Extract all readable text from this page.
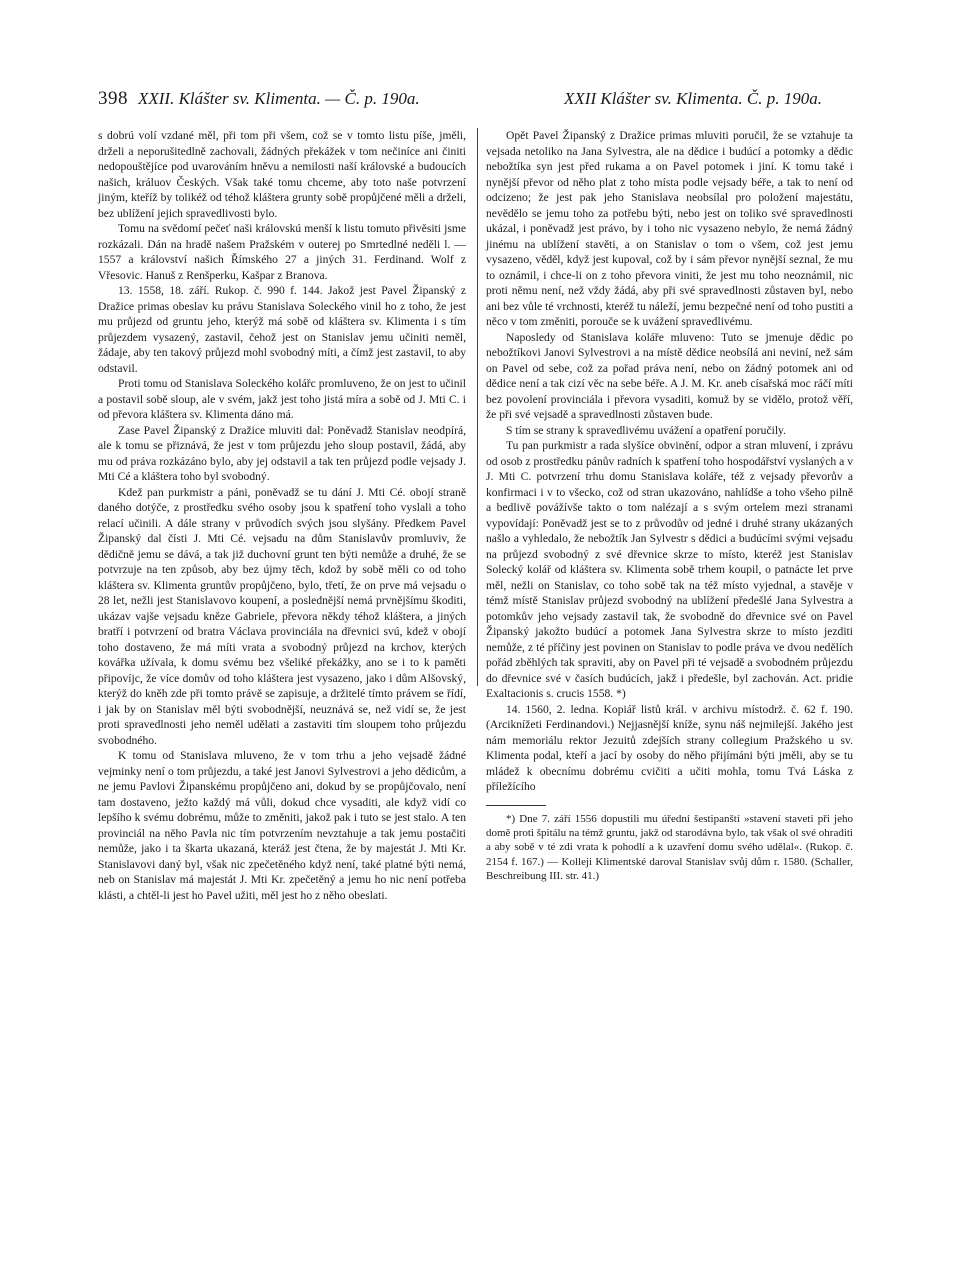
398 XXII. Klášter sv. Klimenta. — Č. p. 190a.	XXII Klášter sv. Klimenta. Č. p. 190a.

s dobrú volí vzdané měl, při tom při všem, což se v tomto listu píše, jměli, drželi a neporušitedlně zachovali, žádných překážek v tom nečiníce ani činiti nedopouštějíce pod uvarováním hněvu a nemilosti naší královské a budoucích našich, králuov Českých. Však také tomu chceme, aby toto naše potvrzení jiným, kteříž by tolikéž od téhož kláštera grunty sobě propůjčené měli a drželi, bez ublížení jejich spravedlivosti bylo.

Tomu na svědomí pečeť naši královskú menší k listu tomuto přivěsiti jsme rozkázali. Dán na hradě našem Pražském v outerej po Smrtedlné neděli l. — 1557 a království našich Římského 27 a jiných 31. Ferdinand. Wolf z Vřesovic. Hanuš z Renšperku, Kašpar z Branova.

13. 1558, 18. září. Rukop. č. 990 f. 144. Jakož jest Pavel Žipanský z Dražice primas obeslav ku právu Stanislava Soleckého vinil ho z toho, že jest mu průjezd od gruntu jeho, kterýž má sobě od kláštera sv. Klimenta i s tím průjezdem vysazený, zastavil, čehož jest on Stanislav jemu učiniti neměl, žádaje, aby ten takový průjezd mohl svobodný míti, a čímž jest zastavil, to aby odstavil.

Proti tomu od Stanislava Soleckého kolářc promluveno, že on jest to učinil a postavil sobě sloup, ale v svém, jakž jest toho jistá míra a sobě od J. Mti C. i od převora kláštera sv. Klimenta dáno má.

Zase Pavel Žipanský z Dražice mluviti dal: Poněvadž Stanislav neodpírá, ale k tomu se přiznává, že jest v tom průjezdu jeho sloup postavil, žádá, aby mu od práva rozkázáno bylo, aby jej odstavil a tak ten průjezd podle vejsady J. Mti Cé a kláštera toho byl svobodný.

Kdež pan purkmistr a páni, poněvadž se tu dání J. Mti Cé. obojí straně daného dotýče, z prostředku svého osoby jsou k spatření toho vyslali a toho relací učinili. A dále strany v průvodích svých jsou slyšány. Předkem Pavel Žipanský dal čísti J. Mti Cé. vejsadu na dům Stanislavův promluviv, že dědičně jemu se dává, a tak již duchovní grunt ten býti nemůže a druhé, že se potvrzuje na ten způsob, aby bez újmy těch, kdož by sobě měli co od toho kláštera sv. Klimenta gruntův propůjčeno, bylo, třetí, že on prve má vejsadu o 28 let, nežli jest Stanislavovo koupení, a poslednější nemá prvnějšímu škoditi, ukázav vajše vejsadu kněze Gabriele, převora někdy téhož kláštera, a jiných bratří i potvrzení od bratra Václava provinciála na dřevnici svú, kdež v obojí toho dostaveno, že má míti vrata a svobodný průjezd na krchov, kterých kovářka užívala, k domu svému bez všeliké překážky, ano se i to k paměti připovíjc, že více domův od toho kláštera jest vysazeno, jako i dům Alšovský, kterýž do kněh zde při tomto právě se zapisuje, a držitelé tímto právem se řídí, i jak by on Stanislav měl býti svobodnější, neuznává se, než vidí se, že jest proti spravedlnosti jeho neměl udělati a zastaviti tím sloupem toho průjezdu svobodného.

K tomu od Stanislava mluveno, že v tom trhu a jeho vejsadě žádné vejminky není o tom průjezdu, a také jest Janovi Sylvestrovi a jeho dědicům, a ne jemu Pavlovi Žipanskému propůjčeno ani, dokud by se propůjčovalo, není tam dostaveno, ježto každý má vůli, dokud chce vysaditi, ale když vidí co lepšího k svému dobrému, může to změniti, jakož pak i tuto se jest stalo. A ten provinciál na něho Pavla nic tím potvrzením nevztahuje a tak jemu postačiti nemůže, jako i ta škarta ukazaná, kteráž jest čtena, že by majestát J. Mti Kr. Stanislavovi daný byl, však nic zpečetěného když není, také platné býti nemá, neb on Stanislav má majestát J. Mti Kr. zpečetěný a jemu ho nic není potřeba klásti, a chtěl-li jest ho Pavel užiti, měl jest ho z něho obeslati.

Opět Pavel Žipanský z Dražice primas mluviti poručil, že se vztahuje ta vejsada netoliko na Jana Sylvestra, ale na dědice i budúcí a potomky a dědic nebožtíka syn jest před rukama a on Pavel potomek i jiní. K tomu také i nynější převor od něho plat z toho místa podle vejsady béře, a tak to není od odcizeno; že jest pak jeho Stanislava neobsílal pro položení majestátu, nevědělo se jemu toho za potřebu býti, nebo jest on toliko své spravedlnosti ukázal, i poněvadž jest právo, by i toho nic vysazeno nebylo, že nemá žádný jinému na ublížení stavěti, a on Stanislav o tom o všem, což jest jemu vysazeno, věděl, když jest kupoval, což by i sám převor nynější seznal, že mu to oznámil, i chce-li on z toho převora viniti, že jest mu toho neoznámil, nic proti němu není, než vždy žádá, aby při své spravedlnosti zůstaven byl, nebo ani bez vůle té vrchnosti, kteréž tu náleží, jemu bezpečné není od toho pustiti a něco v tom změniti, porouče se k uvážení spravedlivému.

Naposledy od Stanislava koláře mluveno: Tuto se jmenuje dědic po nebožtíkovi Janovi Sylvestrovi a na místě dědice neobsílá ani neviní, než sám on Pavel od sebe, což za pořad práva není, nebo on žádný potomek ani od dědice není a tak cizí věc na sebe béře. A J. M. Kr. aneb císařská moc ráčí míti bez povolení provinciála i převora vysaditi, komuž by se vidělo, protož věří, že při své vejsadě a spravedlnosti zůstaven bude.

S tím se strany k spravedlivému uvážení a opatření poručily.

Tu pan purkmistr a rada slyšíce obvinění, odpor a stran mluvení, i zprávu od osob z prostředku pánův radních k spatření toho hospodářství vyslaných a v J. Mti C. potvrzení trhu domu Stanislava koláře, též z vejsady převorův a konfirmaci i v to všecko, což od stran ukazováno, nahlídše a toho všeho pilně a bedlivě povážívše takto o tom nalézají a s svým ortelem mezi stranami vypovídají: Poněvadž jest se to z průvodův od jedné i druhé strany ukázaných našlo a vyhledalo, že nebožtík Jan Sylvestr s dědici a budúcími svými vejsadu na průjezd svobodný z své dřevnice skrze to místo, kteréž jest Stanislav Solecký kolář od kláštera sv. Klimenta sobě trhem koupil, o patnácte let prve měl, nežli on Stanislav, co toho sobě tak na též místo vyjednal, a stavěje v témž místě Stanislav průjezd svobodný na ublížení předešlé Jana Sylvestra a potomkův jeho vejsady zastavil tak, že svobodně do dřevnice své on Pavel Žipanský jakožto budúcí a potomek Jana Sylvestra skrze to místo jezditi nemůže, z té příčiny jest povinen on Stanislav to podle práva ve dvou nedělích pořád zběhlých tak spraviti, aby on Pavel při té vejsadě a svobodném průjezdu do dřevnice své v časích budúcích, jakž i předešle, byl zachován. Act. pridie Exaltacionis s. crucis 1558. *)

14. 1560, 2. ledna. Kopiář listů král. v archivu místodrž. č. 62 f. 190. (Arciknížeti Ferdinandovi.) Nejjasnější knížе, synu náš nejmilejší. Jakého jest nám memoriálu rektor Jezuitů zdejších strany collegium Pražského u sv. Klimenta podal, kteří a jací by osoby do něho přijímáni býti jměli, aby se tu mládež k obecnímu dobrému cvičiti a učiti mohla, tomu Tvá Láska z příležícího

*) Dne 7. září 1556 dopustili mu úřední šestipanští »stavení staveti při jeho domě proti špitálu na témž gruntu, jakž od starodávna bylo, tak však ol své ohraditi a aby sobě v té zdi vrata k pohodlí a k uzavření domu svého udělal«. (Rukop. č. 2154 f. 167.) — Kolleji Klimentské daroval Stanislav svůj dům r. 1580. (Schaller, Beschreibung III. str. 41.)
